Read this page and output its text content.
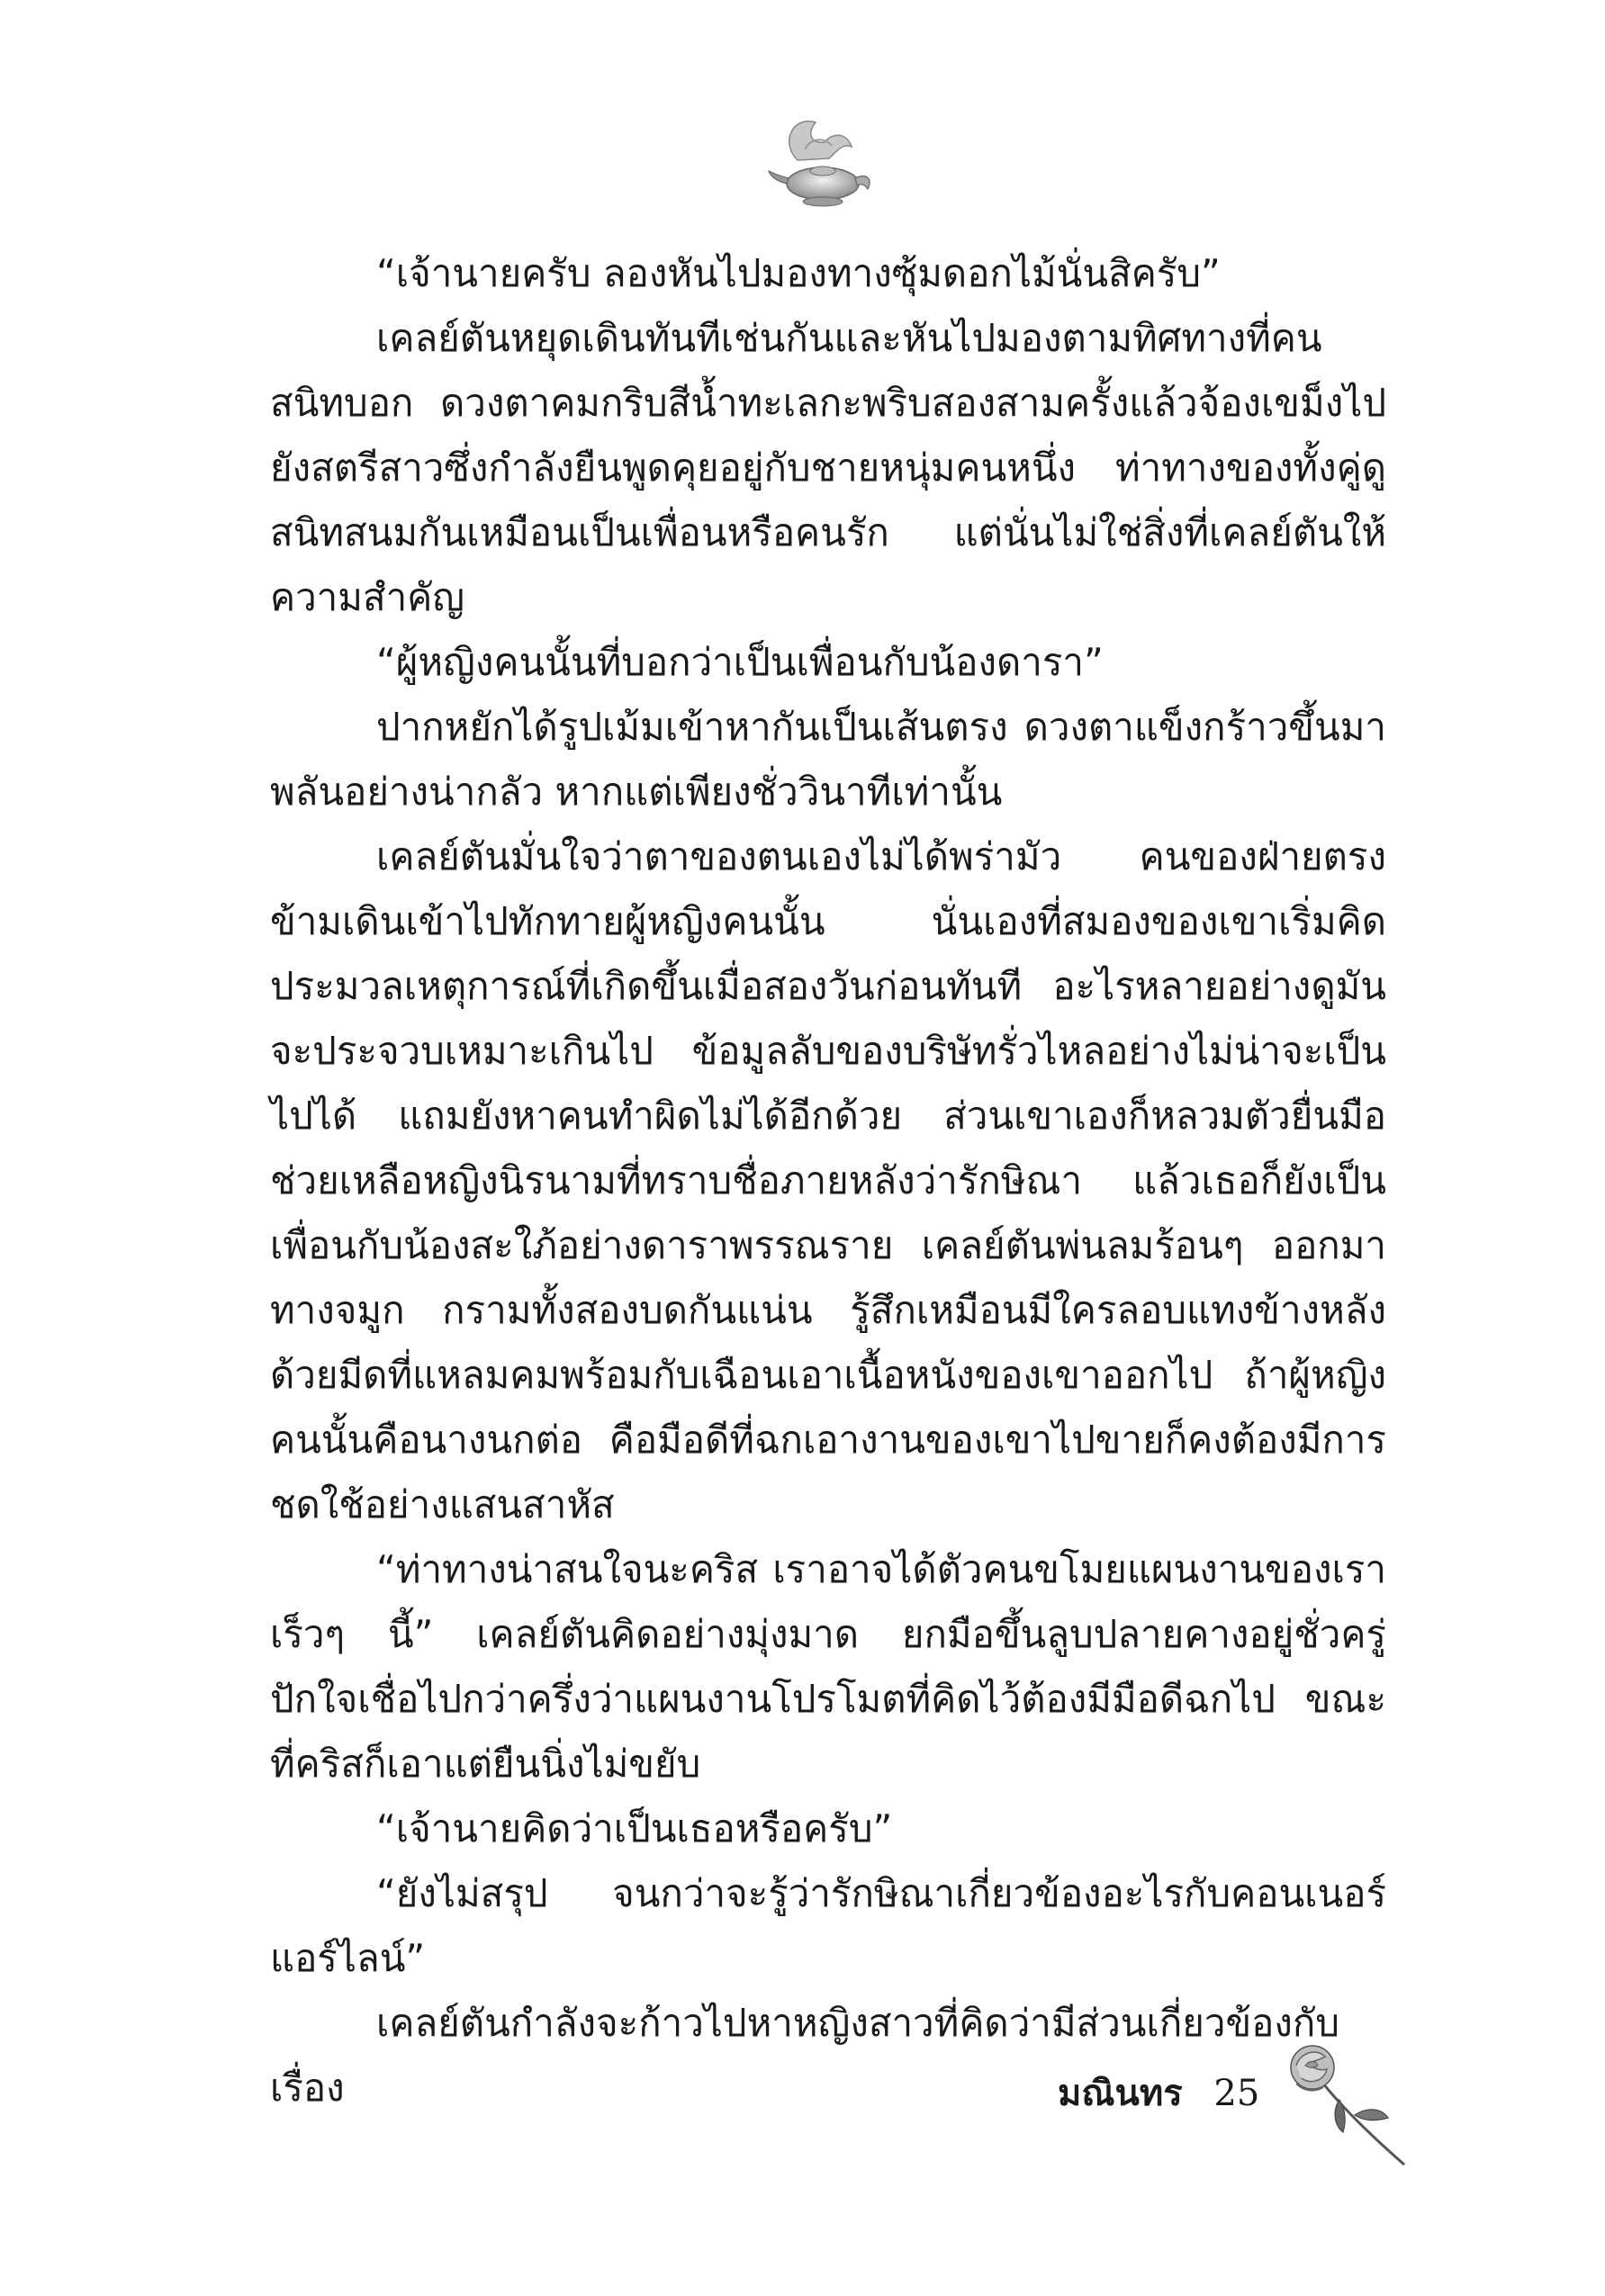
“เจ้านายครับ ลองหันไปมองทางซุ้มดอกไม้นั่นสิครับ”

เคลย์ตันหยุดเดินทันทีเช่นกันและหันไปมองตามทิศทางที่คนสนิทบอก ดวงตาคมกริบสีน้ำทะเลกะพริบสองสามครั้งแล้วจ้องเขม็งไปยังสตรีสาวซึ่งกำลังยืนพูดคุยอยู่กับชายหนุ่มคนหนึ่ง ท่าทางของทั้งคู่ดูสนิทสนมกันเหมือนเป็นเพื่อนหรือคนรัก แต่นั่นไม่ใช่สิ่งที่เคลย์ตันให้ความสำคัญ

“ผู้หญิงคนนั้นที่บอกว่าเป็นเพื่อนกับน้องดารา”

ปากหยักได้รูปเม้มเข้าหากันเป็นเส้นตรง ดวงตาแข็งกร้าวขึ้นมาพลันอย่างน่ากลัว หากแต่เพียงชั่ววินาทีเท่านั้น

เคลย์ตันมั่นใจว่าตาของตนเองไม่ได้พร่ามัว คนของฝ่ายตรงข้ามเดินเข้าไปทักทายผู้หญิงคนนั้น นั่นเองที่สมองของเขาเริ่มคิดประมวลเหตุการณ์ที่เกิดขึ้นเมื่อสองวันก่อนทันที อะไรหลายอย่างดูมันจะประจวบเหมาะเกินไป ข้อมูลลับของบริษัทรั่วไหลอย่างไม่น่าจะเป็นไปได้ แถมยังหาคนทำผิดไม่ได้อีกด้วย ส่วนเขาเองก็หลวมตัวยื่นมือช่วยเหลือหญิงนิรนามที่ทราบชื่อภายหลังว่ารักษิณา แล้วเธอก็ยังเป็นเพื่อนกับน้องสะใภ้อย่างดาราพรรณราย เคลย์ตันพ่นลมร้อนๆ ออกมาทางจมูก กรามทั้งสองบดกันแน่น รู้สึกเหมือนมีใครลอบแทงข้างหลังด้วยมีดที่แหลมคมพร้อมกับเฉือนเอาเนื้อหนังของเขาออกไป ถ้าผู้หญิงคนนั้นคือนางนกต่อ คือมือดีที่ฉกเอางานของเขาไปขายก็คงต้องมีการชดใช้อย่างแสนสาหัส

“ท่าทางน่าสนใจนะคริส เราอาจได้ตัวคนขโมยแผนงานของเราเร็วๆ นี้” เคลย์ตันคิดอย่างมุ่งมาด ยกมือขึ้นลูบปลายคางอยู่ชั่วครู่ ปักใจเชื่อไปกว่าครึ่งว่าแผนงานโปรโมตที่คิดไว้ต้องมีมือดีฉกไป ขณะที่คริสก็เอาแต่ยืนนิ่งไม่ขยับ

“เจ้านายคิดว่าเป็นเธอหรือครับ”

“ยังไม่สรุป จนกว่าจะรู้ว่ารักษิณาเกี่ยวข้องอะไรกับคอนเนอร์แอร์ไลน์”

เคลย์ตันกำลังจะก้าวไปหาหญิงสาวที่คิดว่ามีส่วนเกี่ยวข้องกับเรื่อง	มณินทร 25
